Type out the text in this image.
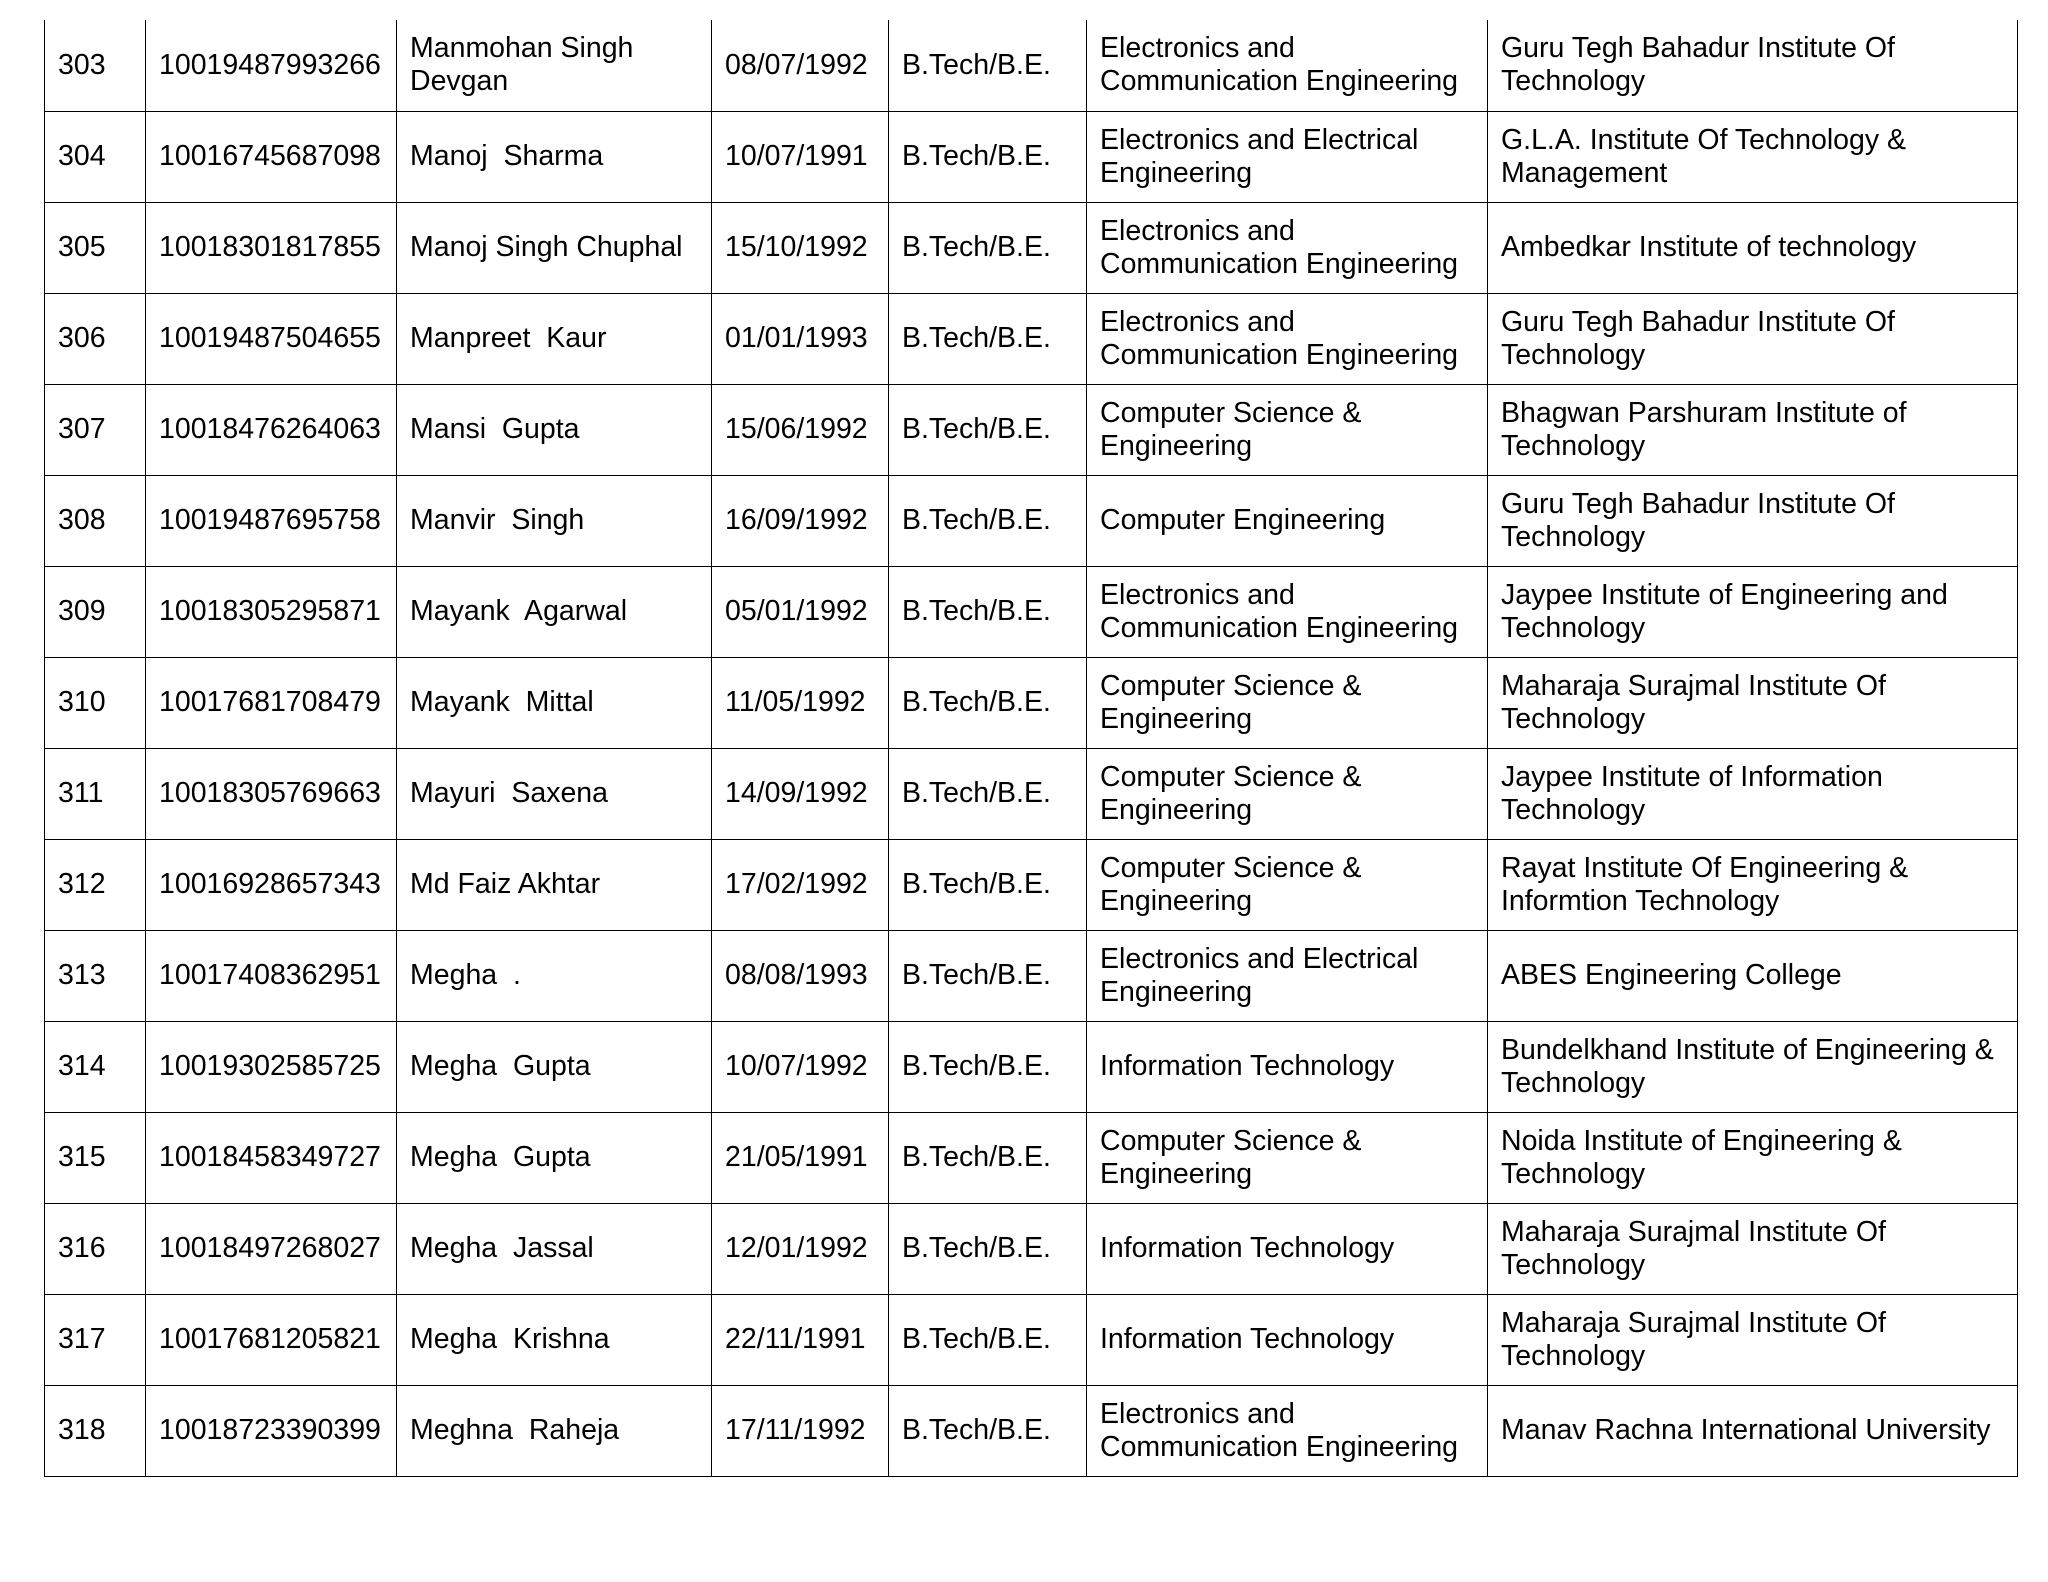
303	10019487993266	Manmohan Singh
Devgan	08/07/1992	B.Tech/B.E.	Electronics and
Communication Engineering	Guru Tegh Bahadur Institute Of
Technology
304	10016745687098	Manoj  Sharma	10/07/1991	B.Tech/B.E.	Electronics and Electrical
Engineering	G.L.A. Institute Of Technology &
Management
305	10018301817855	Manoj Singh Chuphal	15/10/1992	B.Tech/B.E.	Electronics and
Communication Engineering	Ambedkar Institute of technology
306	10019487504655	Manpreet  Kaur	01/01/1993	B.Tech/B.E.	Electronics and
Communication Engineering	Guru Tegh Bahadur Institute Of
Technology
307	10018476264063	Mansi  Gupta	15/06/1992	B.Tech/B.E.	Computer Science &
Engineering	Bhagwan Parshuram Institute of
Technology
308	10019487695758	Manvir  Singh	16/09/1992	B.Tech/B.E.	Computer Engineering	Guru Tegh Bahadur Institute Of
Technology
309	10018305295871	Mayank  Agarwal	05/01/1992	B.Tech/B.E.	Electronics and
Communication Engineering	Jaypee Institute of Engineering and
Technology
310	10017681708479	Mayank  Mittal	11/05/1992	B.Tech/B.E.	Computer Science &
Engineering	Maharaja Surajmal Institute Of
Technology
311	10018305769663	Mayuri  Saxena	14/09/1992	B.Tech/B.E.	Computer Science &
Engineering	Jaypee Institute of Information
Technology
312	10016928657343	Md Faiz Akhtar	17/02/1992	B.Tech/B.E.	Computer Science &
Engineering	Rayat Institute Of Engineering &
Informtion Technology
313	10017408362951	Megha  .	08/08/1993	B.Tech/B.E.	Electronics and Electrical
Engineering	ABES Engineering College
314	10019302585725	Megha  Gupta	10/07/1992	B.Tech/B.E.	Information Technology	Bundelkhand Institute of Engineering &
Technology
315	10018458349727	Megha  Gupta	21/05/1991	B.Tech/B.E.	Computer Science &
Engineering	Noida Institute of Engineering &
Technology
316	10018497268027	Megha  Jassal	12/01/1992	B.Tech/B.E.	Information Technology	Maharaja Surajmal Institute Of
Technology
317	10017681205821	Megha  Krishna	22/11/1991	B.Tech/B.E.	Information Technology	Maharaja Surajmal Institute Of
Technology
318	10018723390399	Meghna  Raheja	17/11/1992	B.Tech/B.E.	Electronics and
Communication Engineering	Manav Rachna International University
